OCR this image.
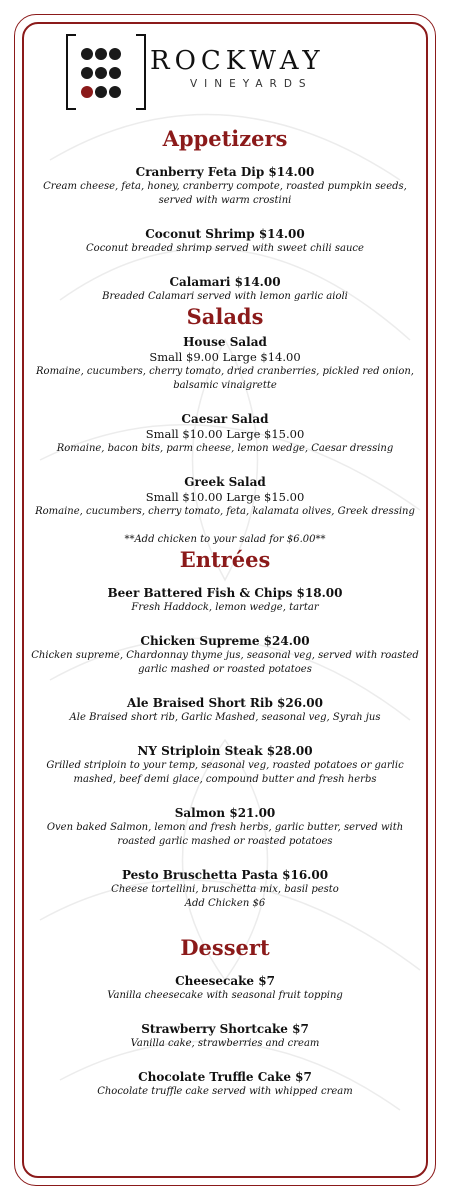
ROCKWAY
VINEYARDS
Appetizers
Cranberry Feta Dip $14.00
Cream cheese, feta, honey, cranberry compote, roasted pumpkin seeds, served with warm crostini
Coconut Shrimp $14.00
Coconut breaded shrimp served with sweet chili sauce
Calamari $14.00
Breaded Calamari served with lemon garlic aioli
Salads
House Salad
Small $9.00 Large $14.00
Romaine, cucumbers, cherry tomato, dried cranberries, pickled red onion, balsamic vinaigrette
Caesar Salad
Small $10.00 Large $15.00
Romaine, bacon bits, parm cheese, lemon wedge, Caesar dressing
Greek Salad
Small $10.00 Large $15.00
Romaine, cucumbers, cherry tomato, feta, kalamata olives, Greek dressing
**Add chicken to your salad for $6.00**
Entrées
Beer Battered Fish & Chips $18.00
Fresh Haddock, lemon wedge, tartar
Chicken Supreme $24.00
Chicken supreme, Chardonnay thyme jus, seasonal veg, served with roasted garlic mashed or roasted potatoes
Ale Braised Short Rib $26.00
Ale Braised short rib, Garlic Mashed, seasonal veg, Syrah jus
NY Striploin Steak $28.00
Grilled striploin to your temp, seasonal veg, roasted potatoes or garlic mashed, beef demi glace, compound butter and fresh herbs
Salmon $21.00
Oven baked Salmon, lemon and fresh herbs, garlic butter, served with roasted garlic mashed or roasted potatoes
Pesto Bruschetta Pasta $16.00
Cheese tortellini, bruschetta mix, basil pesto
Add Chicken $6
Dessert
Cheesecake $7
Vanilla cheesecake with seasonal fruit topping
Strawberry Shortcake $7
Vanilla cake, strawberries and cream
Chocolate Truffle Cake $7
Chocolate truffle cake served with whipped cream
